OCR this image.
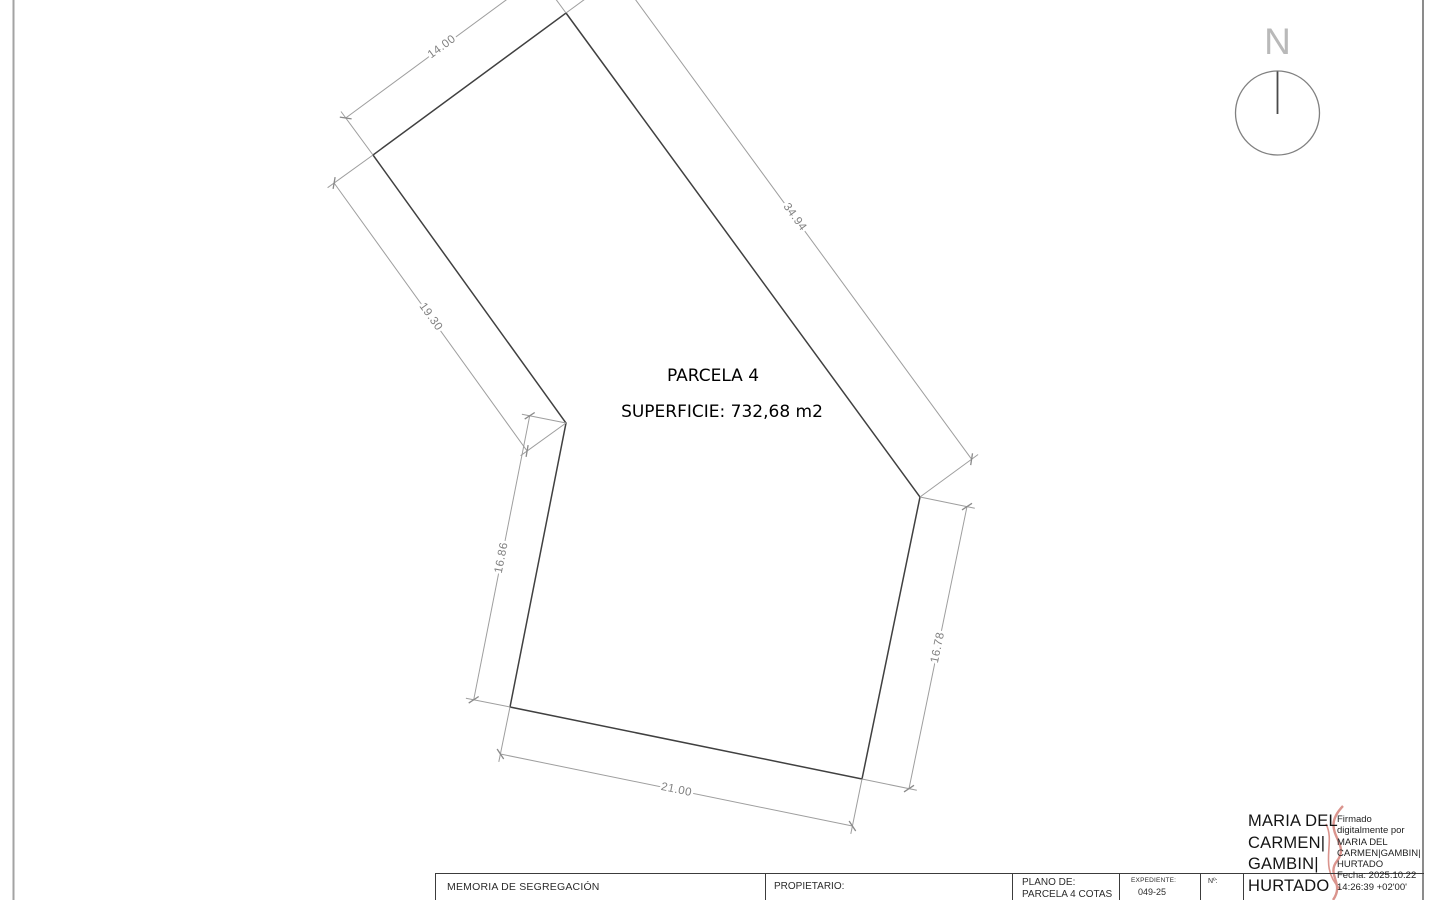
14.00
34.94
19.30
16.86
16.78
21.00
N
PARCELA 4
SUPERFICIE: 732,68 m2
MEMORIA DE SEGREGACIÓN	PROPIETARIO:	PLANO DE:
PARCELA 4 COTAS
EXPEDIENTE:
049-25
Nº:
MARIA DEL
CARMEN|
GAMBIN|
HURTADO
Firmado
digitalmente por
MARIA DEL
CARMEN|GAMBIN|
HURTADO
Fecha: 2025.10.22
14:26:39 +02'00'
